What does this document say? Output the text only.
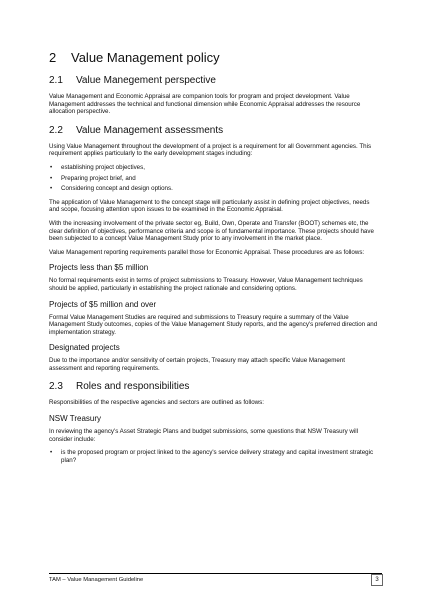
2 Value Management policy
2.1 Value Manegement perspective

Value Management and Economic Appraisal are companion tools for program and project development. Value Management addresses the technical and functional dimension while Economic Appraisal addresses the resource allocation perspective.

2.2 Value Management assessments

Using Value Management throughout the development of a project is a requirement for all Government agencies. This requirement applies particularly to the early development stages including:

• establishing project objectives,
• Preparing project brief, and
• Considering concept and design options.

The application of Value Management to the concept stage will particularly assist in defining project objectives, needs and scope, focusing attention upon issues to be examined in the Economic Appraisal.

With the increasing involvement of the private sector eg, Build, Own, Operate and Transfer (BOOT) schemes etc, the clear definition of objectives, performance criteria and scope is of fundamental importance. These projects should have been subjected to a concept Value Management Study prior to any involvement in the market place.

Value Management reporting requirements parallel those for Economic Appraisal. These procedures are as follows:

Projects less than $5 million

No formal requirements exist in terms of project submissions to Treasury. However, Value Management techniques should be applied, particularly in establishing the project rationale and considering options.

Projects of $5 million and over

Formal Value Management Studies are required and submissions to Treasury require a summary of the Value Management Study outcomes, copies of the Value Management Study reports, and the agency's preferred direction and implementation strategy.

Designated projects

Due to the importance and/or sensitivity of certain projects, Treasury may attach specific Value Management assessment and reporting requirements.

2.3 Roles and responsibilities

Responsibilities of the respective agencies and sectors are outlined as follows:

NSW Treasury

In reviewing the agency's Asset Strategic Plans and budget submissions, some questions that NSW Treasury will consider include:

• is the proposed program or project linked to the agency's service delivery strategy and capital investment strategic plan?
TAM – Value Management Guideline	3
